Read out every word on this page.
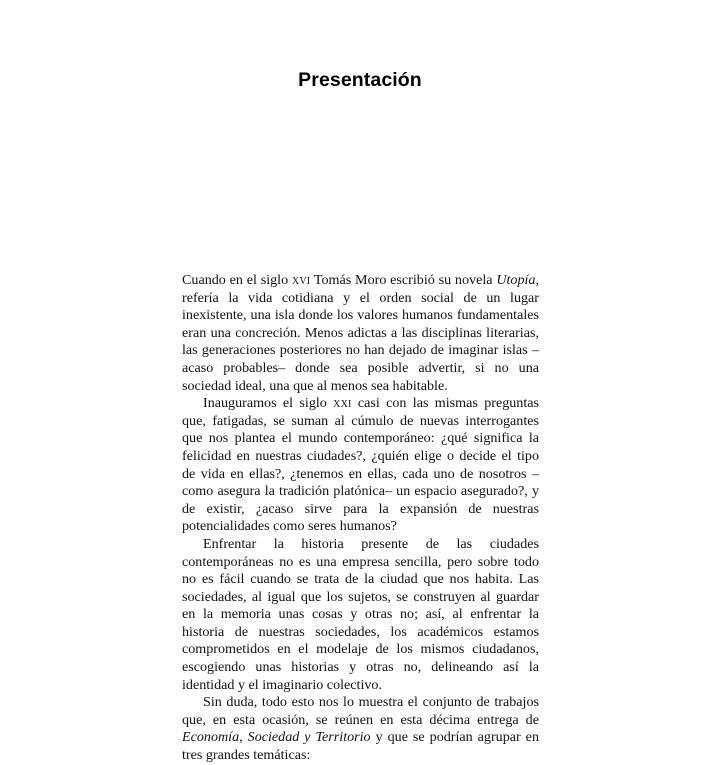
Presentación

Cuando en el siglo xvi Tomás Moro escribió su novela Utopía, refería la vida cotidiana y el orden social de un lugar inexistente, una isla donde los valores humanos fundamentales eran una concreción. Menos adictas a las disciplinas literarias, las generaciones posteriores no han dejado de imaginar islas –acaso probables– donde sea posible advertir, si no una sociedad ideal, una que al menos sea habitable.

Inauguramos el siglo xxi casi con las mismas preguntas que, fatigadas, se suman al cúmulo de nuevas interrogantes que nos plantea el mundo contemporáneo: ¿qué significa la felicidad en nuestras ciudades?, ¿quién elige o decide el tipo de vida en ellas?, ¿tenemos en ellas, cada uno de nosotros –como asegura la tradición platónica– un espacio asegurado?, y de existir, ¿acaso sirve para la expansión de nuestras potencialidades como seres humanos?

Enfrentar la historia presente de las ciudades contemporáneas no es una empresa sencilla, pero sobre todo no es fácil cuando se trata de la ciudad que nos habita. Las sociedades, al igual que los sujetos, se construyen al guardar en la memoria unas cosas y otras no; así, al enfrentar la historia de nuestras sociedades, los académicos estamos comprometidos en el modelaje de los mismos ciudadanos, escogiendo unas historias y otras no, delineando así la identidad y el imaginario colectivo.

Sin duda, todo esto nos lo muestra el conjunto de trabajos que, en esta ocasión, se reúnen en esta décima entrega de Economía, Sociedad y Territorio y que se podrían agrupar en tres grandes temáticas:
